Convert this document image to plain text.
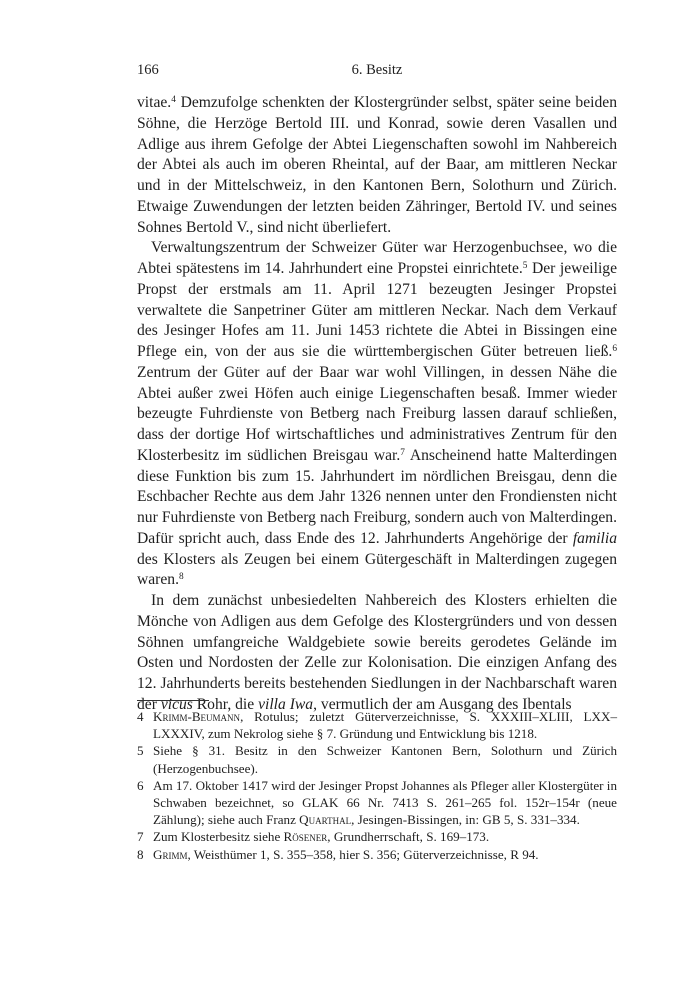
166	6. Besitz

vitae.$^4$ Demzufolge schenkten der Klostergründer selbst, später seine beiden Söhne, die Herzöge Bertold III. und Konrad, sowie deren Vasallen und Adlige aus ihrem Gefolge der Abtei Liegenschaften sowohl im Nahbereich der Abtei als auch im oberen Rheintal, auf der Baar, am mittleren Neckar und in der Mittelschweiz, in den Kantonen Bern, Solothurn und Zürich. Etwaige Zuwendungen der letzten beiden Zähringer, Bertold IV. und seines Sohnes Bertold V., sind nicht überliefert.

Verwaltungszentrum der Schweizer Güter war Herzogenbuchsee, wo die Abtei spätestens im 14. Jahrhundert eine Propstei einrichtete.$^5$ Der jeweilige Propst der erstmals am 11. April 1271 bezeugten Jesinger Propstei verwaltete die Sanpetriner Güter am mittleren Neckar. Nach dem Verkauf des Jesinger Hofes am 11. Juni 1453 richtete die Abtei in Bissingen eine Pflege ein, von der aus sie die württembergischen Güter betreuen ließ.$^6$ Zentrum der Güter auf der Baar war wohl Villingen, in dessen Nähe die Abtei außer zwei Höfen auch einige Liegenschaften besaß. Immer wieder bezeugte Fuhrdienste von Betberg nach Freiburg lassen darauf schließen, dass der dortige Hof wirtschaftliches und administratives Zentrum für den Klosterbesitz im südlichen Breisgau war.$^7$ Anscheinend hatte Malterdingen diese Funktion bis zum 15. Jahrhundert im nördlichen Breisgau, denn die Eschbacher Rechte aus dem Jahr 1326 nennen unter den Frondiensten nicht nur Fuhrdienste von Betberg nach Freiburg, sondern auch von Malterdingen. Dafür spricht auch, dass Ende des 12. Jahrhunderts Angehörige der familia des Klosters als Zeugen bei einem Gütergeschäft in Malterdingen zugegen waren.$^8$

In dem zunächst unbesiedelten Nahbereich des Klosters erhielten die Mönche von Adligen aus dem Gefolge des Klostergründers und von dessen Söhnen umfangreiche Waldgebiete sowie bereits gerodetes Gelände im Osten und Nordosten der Zelle zur Kolonisation. Die einzigen Anfang des 12. Jahrhunderts bereits bestehenden Siedlungen in der Nachbarschaft waren der vicus Rohr, die villa Iwa, vermutlich der am Ausgang des Ibentals

4 Krimm-Beumann, Rotulus; zuletzt Güterverzeichnisse, S. XXXIII–XLIII, LXX–LXXXIV, zum Nekrolog siehe § 7. Gründung und Entwicklung bis 1218.
5 Siehe § 31. Besitz in den Schweizer Kantonen Bern, Solothurn und Zürich (Herzogenbuchsee).
6 Am 17. Oktober 1417 wird der Jesinger Propst Johannes als Pfleger aller Klostergüter in Schwaben bezeichnet, so GLAK 66 Nr. 7413 S. 261–265 fol. 152r–154r (neue Zählung); siehe auch Franz Quarthal, Jesingen-Bissingen, in: GB 5, S. 331–334.
7 Zum Klosterbesitz siehe Rösener, Grundherrschaft, S. 169–173.
8 Grimm, Weisthümer 1, S. 355–358, hier S. 356; Güterverzeichnisse, R 94.
